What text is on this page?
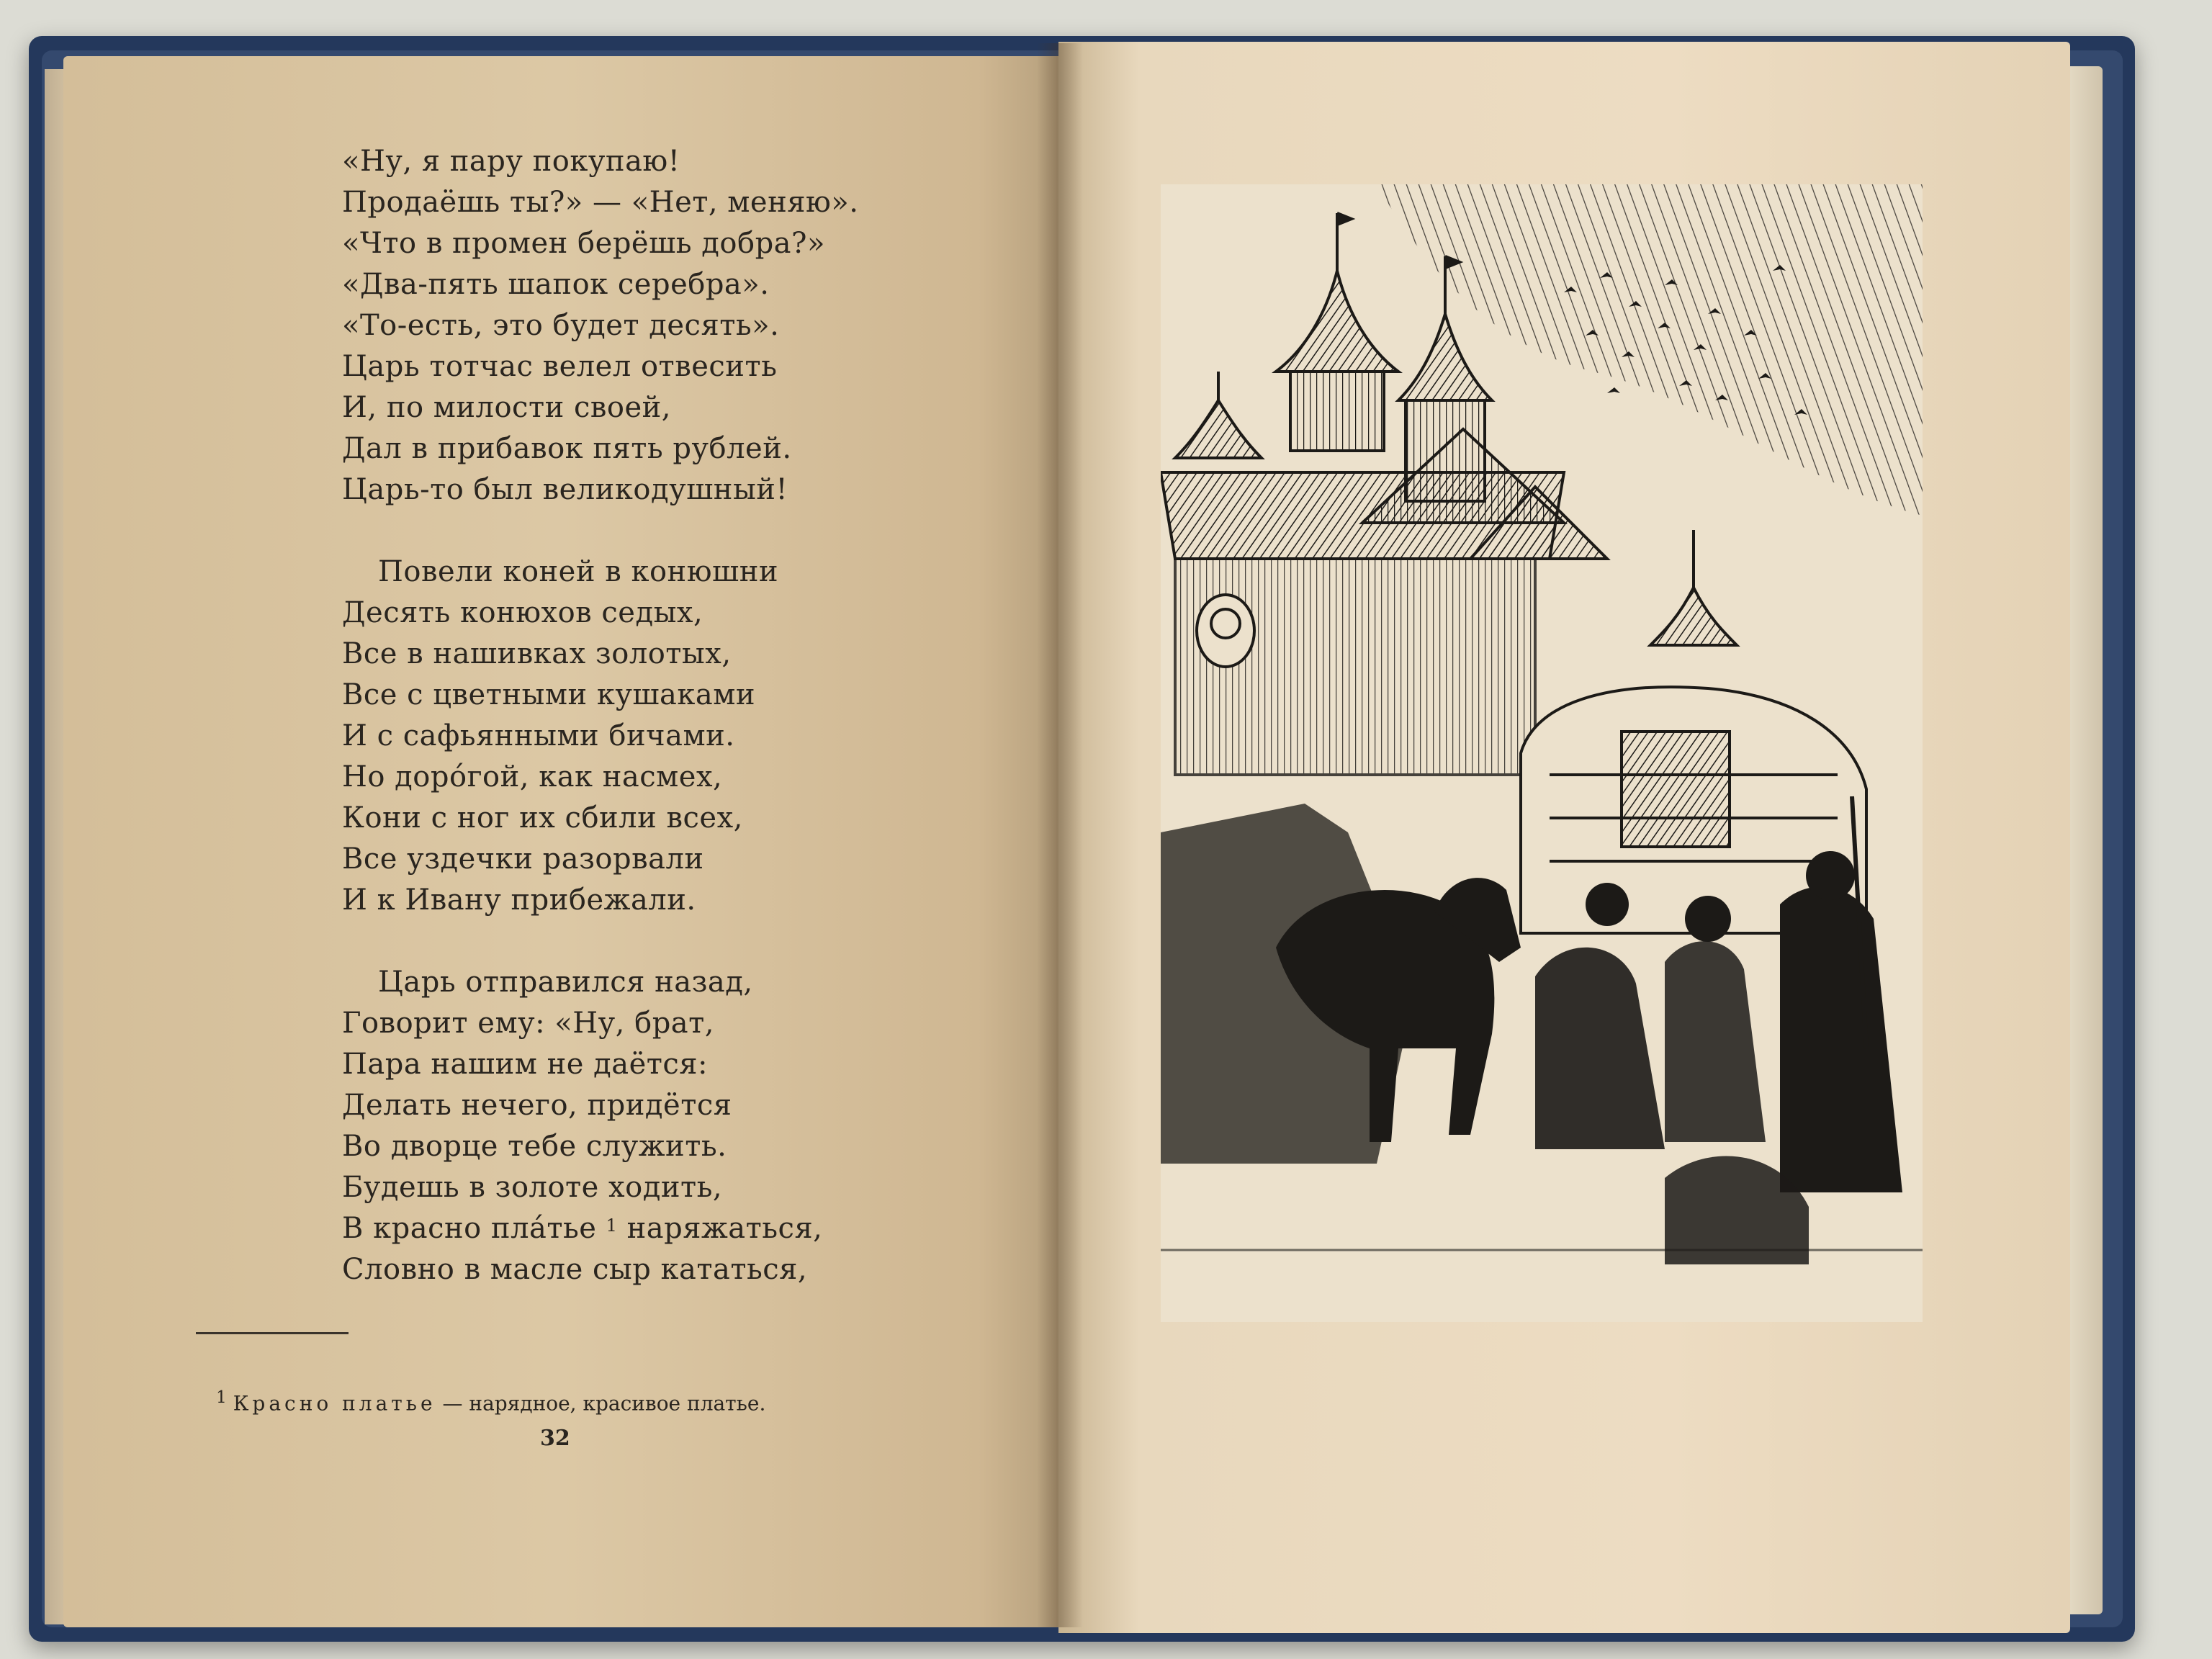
«Ну, я пару покупаю!
Продаёшь ты?» — «Нет, меняю».
«Что в промен берёшь добра?»
«Два-пять шапок серебра».
«То-есть, это будет десять».
Царь тотчас велел отвесить
И, по милости своей,
Дал в прибавок пять рублей.
Царь-то был великодушный!
Повели коней в конюшни
Десять конюхов седых,
Все в нашивках золотых,
Все с цветными кушаками
И с сафьянными бичами.
Но доро́гой, как насмех,
Кони с ног их сбили всех,
Все уздечки разорвали
И к Ивану прибежали.
Царь отправился назад,
Говорит ему: «Ну, брат,
Пара нашим не даётся:
Делать нечего, придётся
Во дворце тебе служить.
Будешь в золоте ходить,
В красно пла́тье $^1$ наряжаться,
Словно в масле сыр кататься,
$^1$ Красно платье — нарядное, красивое платье.
32
